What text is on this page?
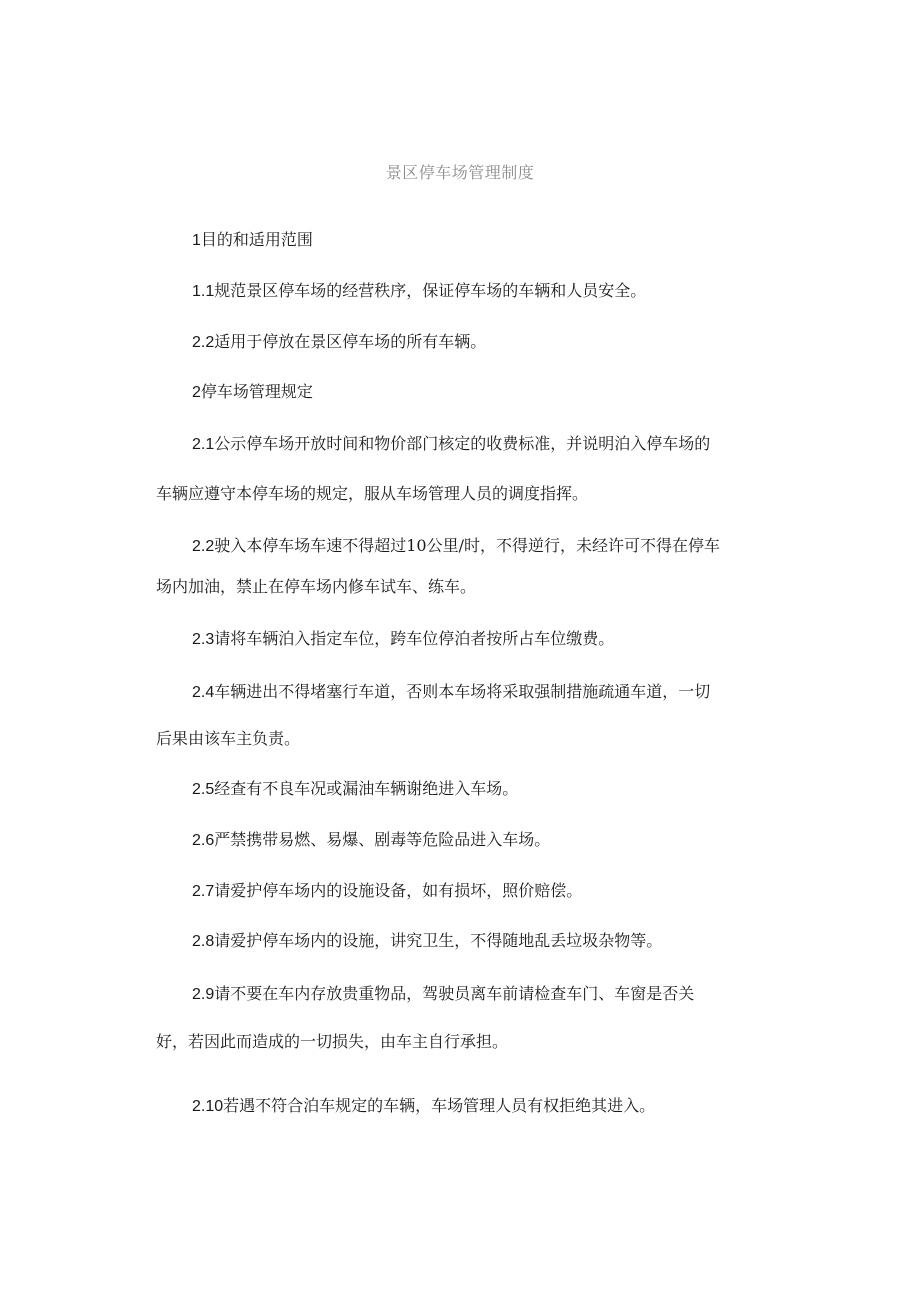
景区停车场管理制度
1目的和适用范围
1.1规范景区停车场的经营秩序，保证停车场的车辆和人员安全。
2.2适用于停放在景区停车场的所有车辆。
2停车场管理规定
2.1公示停车场开放时间和物价部门核定的收费标准，并说明泊入停车场的
车辆应遵守本停车场的规定，服从车场管理人员的调度指挥。
2.2驶入本停车场车速不得超过10公里/时，不得逆行，未经许可不得在停车
场内加油，禁止在停车场内修车试车、练车。
2.3请将车辆泊入指定车位，跨车位停泊者按所占车位缴费。
2.4车辆进出不得堵塞行车道，否则本车场将采取强制措施疏通车道，一切
后果由该车主负责。
2.5经查有不良车况或漏油车辆谢绝进入车场。
2.6严禁携带易燃、易爆、剧毒等危险品进入车场。
2.7请爱护停车场内的设施设备，如有损坏，照价赔偿。
2.8请爱护停车场内的设施，讲究卫生，不得随地乱丢垃圾杂物等。
2.9请不要在车内存放贵重物品，驾驶员离车前请检查车门、车窗是否关
好，若因此而造成的一切损失，由车主自行承担。
2.10若遇不符合泊车规定的车辆，车场管理人员有权拒绝其进入。
